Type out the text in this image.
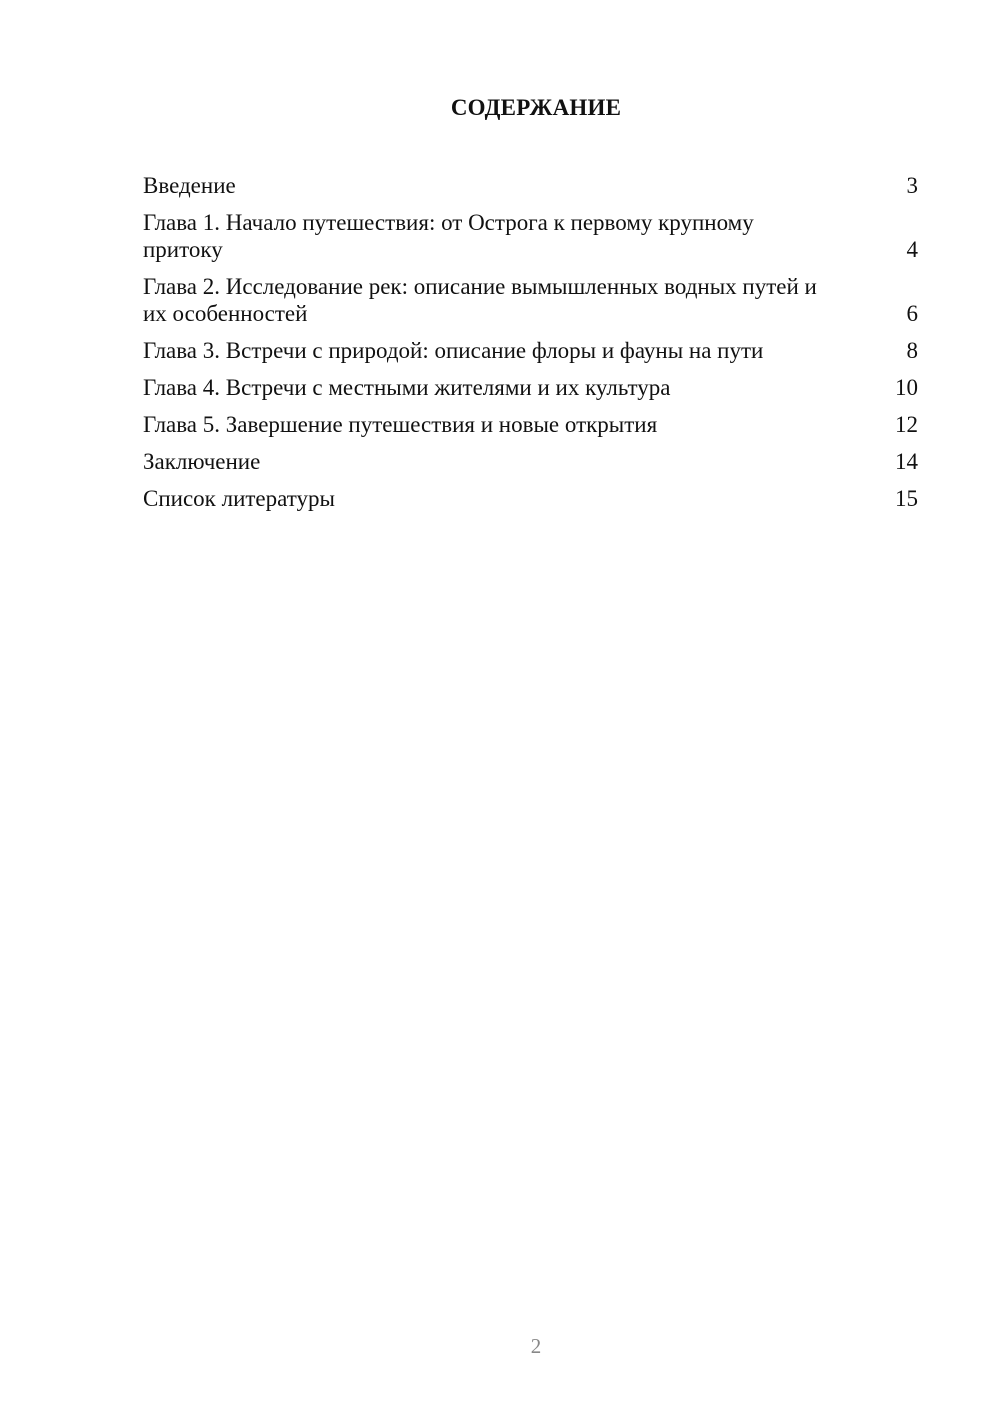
СОДЕРЖАНИЕ
Введение	3
Глава 1. Начало путешествия: от Острога к первому крупному притоку	4
Глава 2. Исследование рек: описание вымышленных водных путей и их особенностей	6
Глава 3. Встречи с природой: описание флоры и фауны на пути	8
Глава 4. Встречи с местными жителями и их культура	10
Глава 5. Завершение путешествия и новые открытия	12
Заключение	14
Список литературы	15
2
